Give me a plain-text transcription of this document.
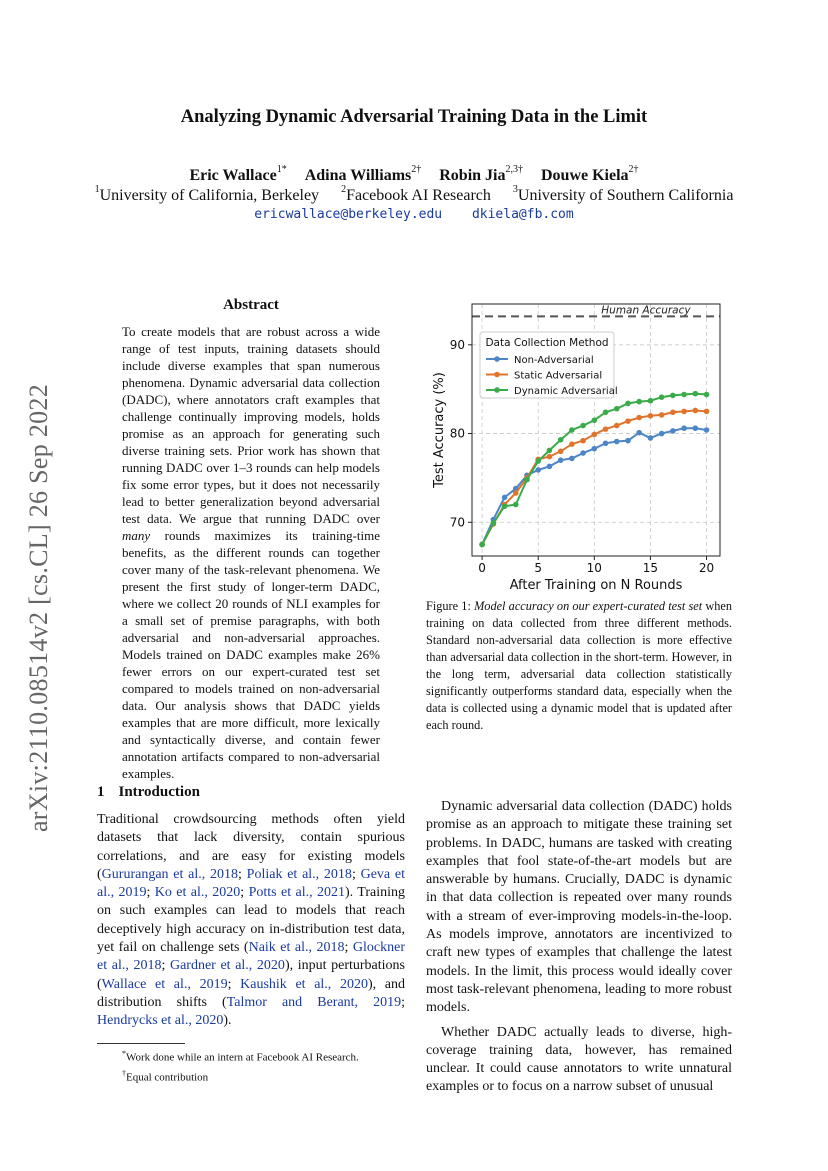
arXiv:2110.08514v2 [cs.CL] 26 Sep 2022
Analyzing Dynamic Adversarial Training Data in the Limit
Eric Wallace$^{1*}$ Adina Williams$^{2\dagger}$ Robin Jia$^{2,3\dagger}$ Douwe Kiela$^{2\dagger}$
$^1$University of California, Berkeley $^2$Facebook AI Research $^3$University of Southern California
ericwallace@berkeley.edu dkiela@fb.com
Abstract
To create models that are robust across a wide range of test inputs, training datasets should include diverse examples that span numerous phenomena. Dynamic adversarial data collection (DADC), where annotators craft examples that challenge continually improving models, holds promise as an approach for generating such diverse training sets. Prior work has shown that running DADC over 1–3 rounds can help models fix some error types, but it does not necessarily lead to better generalization beyond adversarial test data. We argue that running DADC over many rounds maximizes its training-time benefits, as the different rounds can together cover many of the task-relevant phenomena. We present the first study of longer-term DADC, where we collect 20 rounds of NLI examples for a small set of premise paragraphs, with both adversarial and non-adversarial approaches. Models trained on DADC examples make 26% fewer errors on our expert-curated test set compared to models trained on non-adversarial data. Our analysis shows that DADC yields examples that are more difficult, more lexically and syntactically diverse, and contain fewer annotation artifacts compared to non-adversarial examples.
1 Introduction
Traditional crowdsourcing methods often yield datasets that lack diversity, contain spurious correlations, and are easy for existing models (Gururangan et al., 2018; Poliak et al., 2018; Geva et al., 2019; Ko et al., 2020; Potts et al., 2021). Training on such examples can lead to models that reach deceptively high accuracy on in-distribution test data, yet fail on challenge sets (Naik et al., 2018; Glockner et al., 2018; Gardner et al., 2020), input perturbations (Wallace et al., 2019; Kaushik et al., 2020), and distribution shifts (Talmor and Berant, 2019; Hendrycks et al., 2020).
*Work done while an intern at Facebook AI Research.
†Equal contribution
Human Accuracy
0	5	10	15	20
70
80
90
After Training on N Rounds
Test Accuracy (%)
Data Collection Method
Non-Adversarial
Static Adversarial
Dynamic Adversarial
Figure 1: Model accuracy on our expert-curated test set when training on data collected from three different methods. Standard non-adversarial data collection is more effective than adversarial data collection in the short-term. However, in the long term, adversarial data collection statistically significantly outperforms standard data, especially when the data is collected using a dynamic model that is updated after each round.

Dynamic adversarial data collection (DADC) holds promise as an approach to mitigate these training set problems. In DADC, humans are tasked with creating examples that fool state-of-the-art models but are answerable by humans. Crucially, DADC is dynamic in that data collection is repeated over many rounds with a stream of ever-improving models-in-the-loop. As models improve, annotators are incentivized to craft new types of examples that challenge the latest models. In the limit, this process would ideally cover most task-relevant phenomena, leading to more robust models.

Whether DADC actually leads to diverse, high-coverage training data, however, has remained unclear. It could cause annotators to write unnatural examples or to focus on a narrow subset of unusual
